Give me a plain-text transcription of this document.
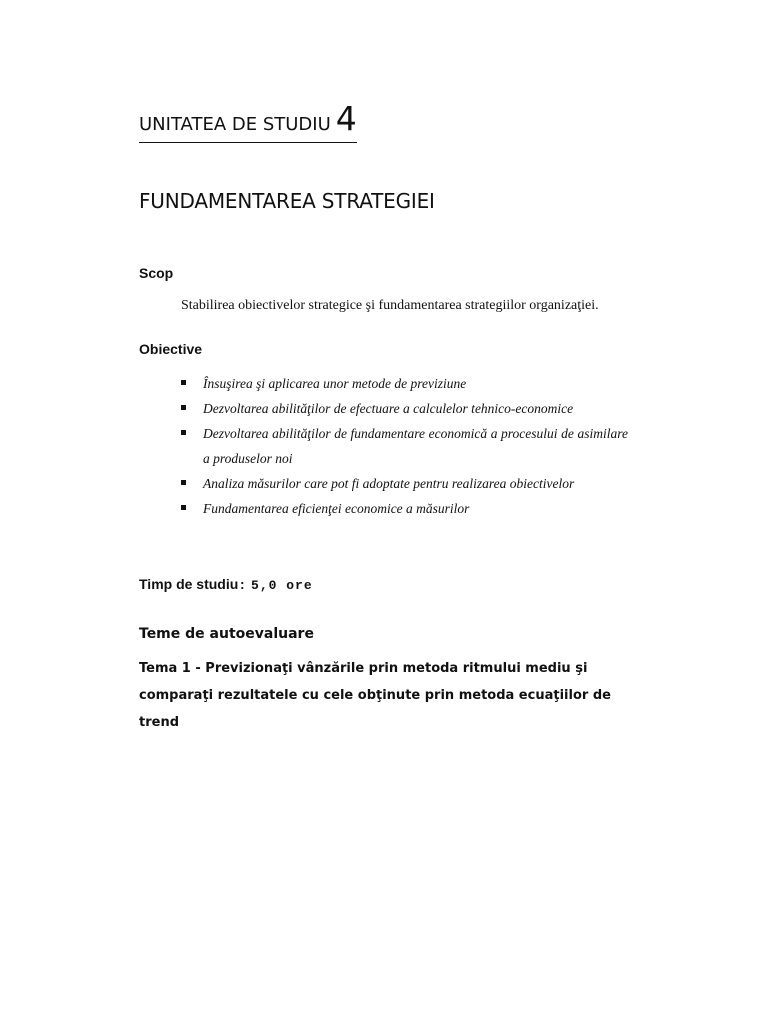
UNITATEA DE STUDIU 4
FUNDAMENTAREA STRATEGIEI
Scop
Stabilirea obiectivelor strategice şi fundamentarea strategiilor organizaţiei.
Obiective
Însuşirea şi aplicarea unor metode de previziune
Dezvoltarea abilităţilor de efectuare a calculelor tehnico-economice
Dezvoltarea abilităţilor de fundamentare economică a procesului de asimilare a produselor noi
Analiza măsurilor care pot fi adoptate pentru realizarea obiectivelor
Fundamentarea eficienţei economice a măsurilor
Timp de studiu: 5,0 ore
Teme de autoevaluare
Tema 1 - Previzionaţi vânzările prin metoda ritmului mediu şi comparaţi rezultatele cu cele obţinute prin metoda ecuaţiilor de trend
